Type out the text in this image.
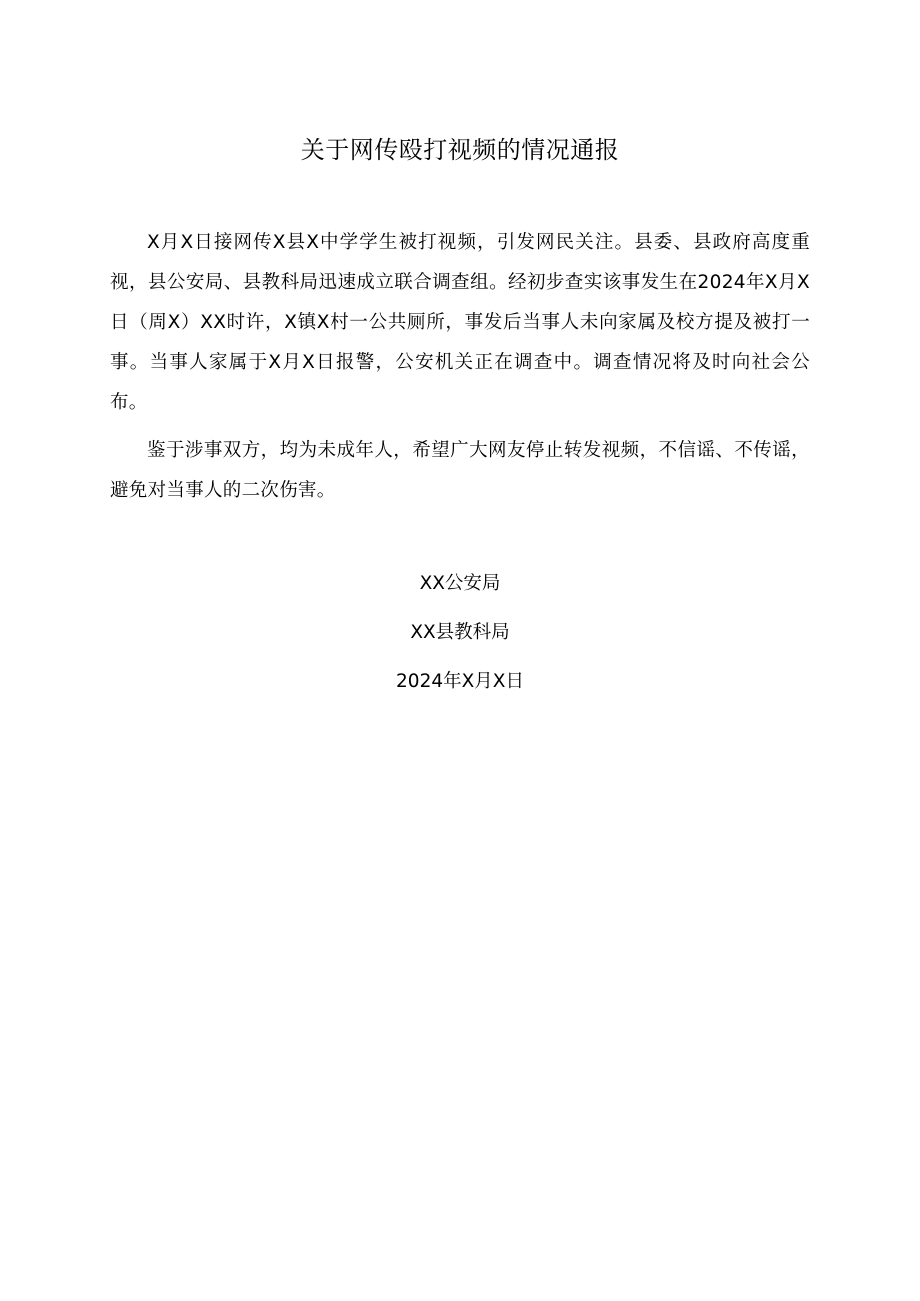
关于网传殴打视频的情况通报

X月X日接网传X县X中学学生被打视频，引发网民关注。县委、县政府高度重视，县公安局、县教科局迅速成立联合调查组。经初步查实该事发生在2024年X月X日（周X）XX时许，X镇X村一公共厕所，事发后当事人未向家属及校方提及被打一事。当事人家属于X月X日报警，公安机关正在调查中。调查情况将及时向社会公布。

鉴于涉事双方，均为未成年人，希望广大网友停止转发视频，不信谣、不传谣，避免对当事人的二次伤害。

XX公安局

XX县教科局

2024年X月X日
